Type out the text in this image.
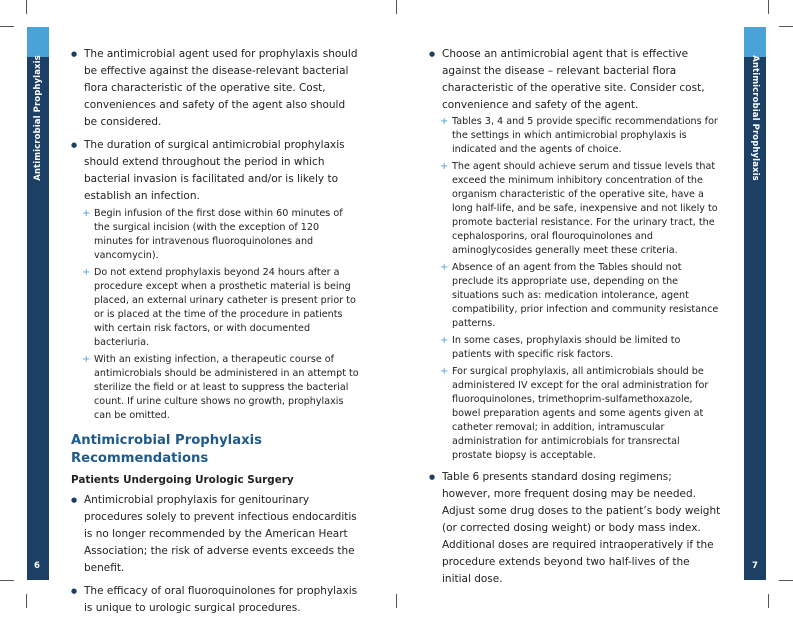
Antimicrobial Prophylaxis
6
Antimicrobial Prophylaxis
7
● The antimicrobial agent used for prophylaxis should be effective against the disease-relevant bacterial flora characteristic of the operative site. Cost, conveniences and safety of the agent also should be considered.
● The duration of surgical antimicrobial prophylaxis should extend throughout the period in which bacterial invasion is facilitated and/or is likely to establish an infection.
+ Begin infusion of the first dose within 60 minutes of the surgical incision (with the exception of 120 minutes for intravenous fluoroquinolones and vancomycin).
+ Do not extend prophylaxis beyond 24 hours after a procedure except when a prosthetic material is being placed, an external urinary catheter is present prior to or is placed at the time of the procedure in patients with certain risk factors, or with documented bacteriuria.
+ With an existing infection, a therapeutic course of antimicrobials should be administered in an attempt to sterilize the field or at least to suppress the bacterial count. If urine culture shows no growth, prophylaxis can be omitted.
Antimicrobial Prophylaxis Recommendations
Patients Undergoing Urologic Surgery
● Antimicrobial prophylaxis for genitourinary procedures solely to prevent infectious endocarditis is no longer recommended by the American Heart Association; the risk of adverse events exceeds the benefit.
● The efficacy of oral fluoroquinolones for prophylaxis is unique to urologic surgical procedures.
● Choose an antimicrobial agent that is effective against the disease – relevant bacterial flora characteristic of the operative site. Consider cost, convenience and safety of the agent.
+ Tables 3, 4 and 5 provide specific recommendations for the settings in which antimicrobial prophylaxis is indicated and the agents of choice.
+ The agent should achieve serum and tissue levels that exceed the minimum inhibitory concentration of the organism characteristic of the operative site, have a long half-life, and be safe, inexpensive and not likely to promote bacterial resistance. For the urinary tract, the cephalosporins, oral flouroquinolones and aminoglycosides generally meet these criteria.
+ Absence of an agent from the Tables should not preclude its appropriate use, depending on the situations such as: medication intolerance, agent compatibility, prior infection and community resistance patterns.
+ In some cases, prophylaxis should be limited to patients with specific risk factors.
+ For surgical prophylaxis, all antimicrobials should be administered IV except for the oral administration for fluoroquinolones, trimethoprim-sulfamethoxazole, bowel preparation agents and some agents given at catheter removal; in addition, intramuscular administration for antimicrobials for transrectal prostate biopsy is acceptable.
● Table 6 presents standard dosing regimens; however, more frequent dosing may be needed. Adjust some drug doses to the patient’s body weight (or corrected dosing weight) or body mass index. Additional doses are required intraoperatively if the procedure extends beyond two half-lives of the initial dose.
